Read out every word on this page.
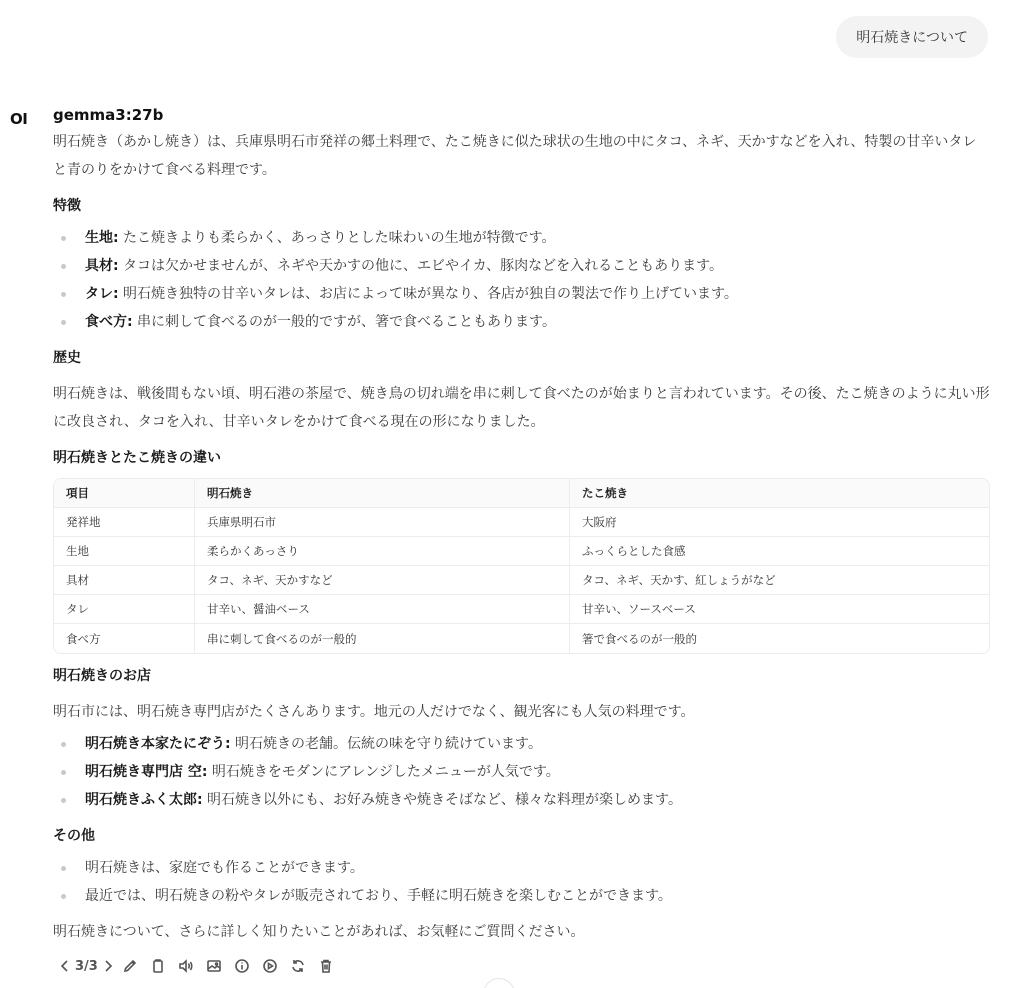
明石焼きについて
OI gemma3:27b

明石焼き（あかし焼き）は、兵庫県明石市発祥の郷土料理で、たこ焼きに似た球状の生地の中にタコ、ネギ、天かすなどを入れ、特製の甘辛いタレと青のりをかけて食べる料理です。

特徴
生地: たこ焼きよりも柔らかく、あっさりとした味わいの生地が特徴です。
具材: タコは欠かせませんが、ネギや天かすの他に、エビやイカ、豚肉などを入れることもあります。
タレ: 明石焼き独特の甘辛いタレは、お店によって味が異なり、各店が独自の製法で作り上げています。
食べ方: 串に刺して食べるのが一般的ですが、箸で食べることもあります。
歴史

明石焼きは、戦後間もない頃、明石港の茶屋で、焼き鳥の切れ端を串に刺して食べたのが始まりと言われています。その後、たこ焼きのように丸い形に改良され、タコを入れ、甘辛いタレをかけて食べる現在の形になりました。

明石焼きとたこ焼きの違い
項目	明石焼き	たこ焼き
発祥地	兵庫県明石市	大阪府
生地	柔らかくあっさり	ふっくらとした食感
具材	タコ、ネギ、天かすなど	タコ、ネギ、天かす、紅しょうがなど
タレ	甘辛い、醤油ベース	甘辛い、ソースベース
食べ方	串に刺して食べるのが一般的	箸で食べるのが一般的
明石焼きのお店

明石市には、明石焼き専門店がたくさんあります。地元の人だけでなく、観光客にも人気の料理です。

明石焼き本家たにぞう: 明石焼きの老舗。伝統の味を守り続けています。
明石焼き専門店 空: 明石焼きをモダンにアレンジしたメニューが人気です。
明石焼きふく太郎: 明石焼き以外にも、お好み焼きや焼きそばなど、様々な料理が楽しめます。
その他
明石焼きは、家庭でも作ることができます。
最近では、明石焼きの粉やタレが販売されており、手軽に明石焼きを楽しむことができます。

明石焼きについて、さらに詳しく知りたいことがあれば、お気軽にご質問ください。

3/3
